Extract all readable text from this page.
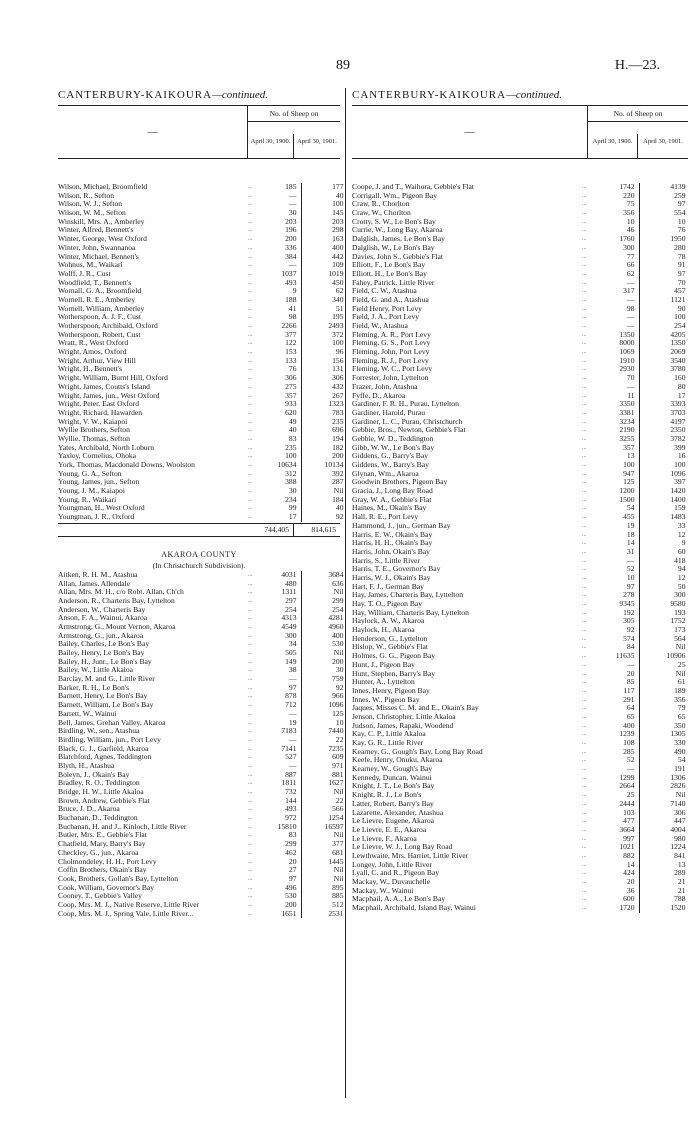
89	H.—23.
CANTERBURY-KAIKOURA—continued.
—
No. of Sheep on
April 30, 1900.	April 30, 1901.
Wilson, Michael, Broomfield	...	185	177
Wilson, R., Sefton	...	—	40
Wilson, W. J., Sefton	...	—	100
Wilson, W. M., Sefton	...	30	145
Winskill, Mrs. A., Amberley	...	203	203
Winter, Alfred, Bennett's	...	196	298
Winter, George, West Oxford	...	200	163
Winter, John, Swannanoa	...	336	400
Winter, Michael, Bennett's	...	384	442
Wohnus, M., Waikari	...	—	109
Wolff, J. R., Cust	...	1037	1019
Woodfield, T., Bennett's	...	493	450
Wornall, G. A., Broomfield	...	9	62
Wornell, R. E., Amberley	...	188	340
Wornell, William, Amberley	...	41	51
Wotherspoon, A. J. F., Cust	...	98	195
Wotherspoon, Archibald, Oxford	...	2266	2493
Wotherspoon, Robert, Cust	...	377	372
Wratt, R., West Oxford	...	122	100
Wright, Amos, Oxford	...	153	96
Wright, Arthur, View Hill	...	133	156
Wright, H., Bennett's	...	76	131
Wright, William, Burnt Hill, Oxford	...	306	306
Wright, James, Coutts's Island	...	275	432
Wright, James, jun., West Oxford	...	357	267
Wright, Peter, East Oxford	...	933	1323
Wright, Richard, Hawarden	...	620	783
Wright, V. W., Kaiapoi	...	49	235
Wyllie Brothers, Sefton	...	40	696
Wyllie, Thomas, Sefton	...	83	194
Yates, Archibald, North Loburn	...	235	182
Yaxley, Cornelius, Ohoka	...	100	200
York, Thomas, Macdonald Downs, Woolston	...	10634	10134
Young, G. A., Sefton	...	312	392
Young, James, jun., Sefton	...	388	287
Young, J. M., Kaiapoi	...	30	Nil
Young, R., Waikari	...	234	184
Youngman, H., West Oxford	...	99	40
Youngman, J. R., Oxford	...	17	92
744,405	814,615
AKAROA COUNTY
(In Christchurch Subdivision).
Aitken, R. H. M., Atashua	...	4031	3684
Allan, James, Allendale	...	480	636
Allan, Mrs. M. H., c/o Robt. Allan, Ch'ch	...	1311	Nil
Anderson, R., Charteris Bay, Lyttelton	...	297	299
Anderson, W., Charteris Bay	...	254	254
Anson, F. A., Wainui, Akaroa	...	4313	4281
Armstrong, G., Mount Vernon, Akaroa	...	4549	4960
Armstrong, G., jun., Akaroa	...	300	400
Bailey, Charles, Le Bon's Bay	...	34	530
Bailey, Henry, Le Bon's Bay	...	505	Nil
Bailey, H., Junr., Le Bon's Bay	...	149	200
Bailey, W., Little Akaloa	...	38	30
Barclay, M. and G., Little River	...	—	759
Barker, R. H., Le Bon's	...	97	92
Barnett, Henry, Le Bon's Bay	...	878	966
Barnett, William, Le Bon's Bay	...	712	1096
Barrett, W., Wainui	...	—	125
Bell, James, Grehan Valley, Akaroa	...	19	10
Birdling, W., sen., Atashua	...	7183	7440
Birdling, William, jun., Port Levy	...	—	22
Black, G. J., Garfield, Akaroa	...	7141	7235
Blatchford, Agnes, Teddington	...	527	609
Blyth, H., Atashua	...	—	971
Boleyn, J., Okain's Bay	...	887	881
Bradley, R. O., Teddington	...	1811	1627
Bridge, H. W., Little Akaloa	...	732	Nil
Brown, Andrew, Gebbie's Flat	...	144	22
Bruce, J. D., Akaroa	...	493	566
Buchanan, D., Teddington	...	972	1254
Buchanan, H. and J., Kinloch, Little River	...	15810	16597
Butler, Mrs. E., Gebbie's Flat	...	83	Nil
Chatfield, Mary, Barry's Bay	...	299	377
Checkley, G., jun., Akaroa	...	462	681
Cholmondeley, H. H., Port Levy	...	20	1445
Coffin Brothers, Okain's Bay	...	27	Nil
Cook, Brothers, Gollan's Bay, Lyttelton	...	97	Nil
Cook, William, Governor's Bay	...	496	895
Cooney, T., Gebbie's Valley	...	530	885
Coop, Mrs. M. J., Native Reserve, Little River	...	200	512
Coop, Mrs. M. J., Spring Vale, Little River...	...	1651	2531
CANTERBURY-KAIKOURA—continued.
—
No. of Sheep on
April 30, 1900.	April 30, 1901.
Coope, J. and T., Waihora, Gebbie's Flat	...	1742	4139
Corrigall, Wm., Pigeon Bay	...	220	259
Craw, R., Chorlton	...	75	97
Craw, W., Chorlton	...	356	554
Crotty, S. W., Le Bon's Bay	...	10	10
Currie, W., Long Bay, Akaroa	...	46	76
Dalglish, James, Le Bon's Bay	...	1760	1950
Dalglish, W., Le Bon's Bay	...	300	280
Davies, John S., Gebbie's Flat	...	77	78
Elliott, F., Le Bon's Bay	...	66	91
Elliott, H., Le Bon's Bay	...	62	97
Fahey, Patrick, Little River	...	—	70
Field, C. W., Atashua	...	317	457
Field, G. and A., Atashua	...	—	1121
Field Henry, Port Levy	...	98	90
Field, J. A., Port Levy	...	—	100
Field, W., Atashua	...	—	254
Fleming, A. R., Port Levy	...	1350	4205
Fleming, G. S., Port Levy	...	8000	1350
Fleming, John, Port Levy	...	1069	2069
Fleming, R. J., Port Levy	...	1910	3540
Fleming, W. C., Port Levy	...	2930	3780
Forrester, John, Lyttelton	...	70	160
Frazer, John, Atashua	...	—	80
Fyffe, D., Akaroa	...	11	17
Gardiner, F. R. H., Purau, Lyttelton	...	3350	3393
Gardiner, Harold, Purau	...	3381	3703
Gardiner, L. C., Purau, Christchurch	...	3234	4197
Gebbie, Bros., Newton, Gebbie's Flat	...	2190	2350
Gebbie, W. D., Teddington	...	3255	3782
Gibb, W. W., Le Bon's Bay	...	357	399
Giddens, G., Barry's Bay	...	13	16
Giddens, W., Barry's Bay	...	100	100
Glynan, Wm., Akaroa	...	947	1096
Goodwin Brothers, Pigeon Bay	...	125	397
Gracia, J., Long Bay Road	...	1200	1420
Gray, W. A., Gebbie's Flat	...	1500	1400
Haines, M., Okain's Bay	...	54	159
Hall, R. E., Port Levy	...	455	1483
Hammond, J., jun., German Bay	...	19	33
Harris, E. W., Okain's Bay	...	18	12
Harris, H. H., Okain's Bay	...	14	9
Harris, John, Okain's Bay	...	31	60
Harris, S., Little River	...	—	418
Harris, T. E., Governor's Bay	...	52	94
Harris, W. J., Okain's Bay	...	10	12
Hart, F. J., German Bay	...	97	50
Hay, James, Charteris Bay, Lyttelton	...	278	300
Hay, T. O., Pigeon Bay	...	9345	9580
Hay, William, Charteris Bay, Lyttelton	...	192	193
Haylock, A. W., Akaroa	...	305	1752
Haylock, H., Akaroa	...	92	173
Henderson, G., Lyttelton	...	574	564
Hislop, W., Gebbie's Flat	...	84	Nil
Holmes, G. G., Pigeon Bay	...	11635	10906
Hunt, J., Pigeon Bay	...	—	25
Hunt, Stephen, Barry's Bay	...	20	Nil
Hunter, A., Lyttelton	...	85	61
Innes, Henry, Pigeon Bay	...	117	189
Innes, W., Pigeon Bay	...	291	356
Jaques, Misses C. M. and E., Okain's Bay	...	64	79
Jenson, Christopher, Little Akaloa	...	65	65
Judson, James, Rapaki, Woodend	...	400	350
Kay, C. P., Little Akaloa	...	1239	1305
Kay, G. R., Little River	...	108	330
Kearney, G., Gough's Bay, Long Bay Road	...	285	490
Keefe, Henry, Onuku, Akaroa	...	52	54
Kearney, W., Gough's Bay	...	—	191
Kennedy, Duncan, Wainui	...	1299	1306
Knight, J. T., Le Bon's Bay	...	2664	2826
Knight, R. J., Le Bon's	...	25	Nil
Latter, Robert, Barry's Bay	...	2444	7140
Lazarette, Alexander, Atashua	...	103	306
Le Lievre, Eugene, Akaroa	...	477	447
Le Lievre, E. E., Akaroa	...	3664	4004
Le Lievre, F., Akaroa	...	997	980
Le Lievre, W. J., Long Bay Road	...	1021	1224
Lewthwaite, Mrs. Harriet, Little River	...	882	841
Longey, John, Little River	...	14	13
Lyall, C. and R., Pigeon Bay	...	424	289
Mackay, W., Duvauchelle	...	20	21
Mackay, W., Wainui	...	36	21
Macphail, A. A., Le Bon's Bay	...	600	788
Macphail, Archibald, Island Bay, Wainui	...	1720	1520
